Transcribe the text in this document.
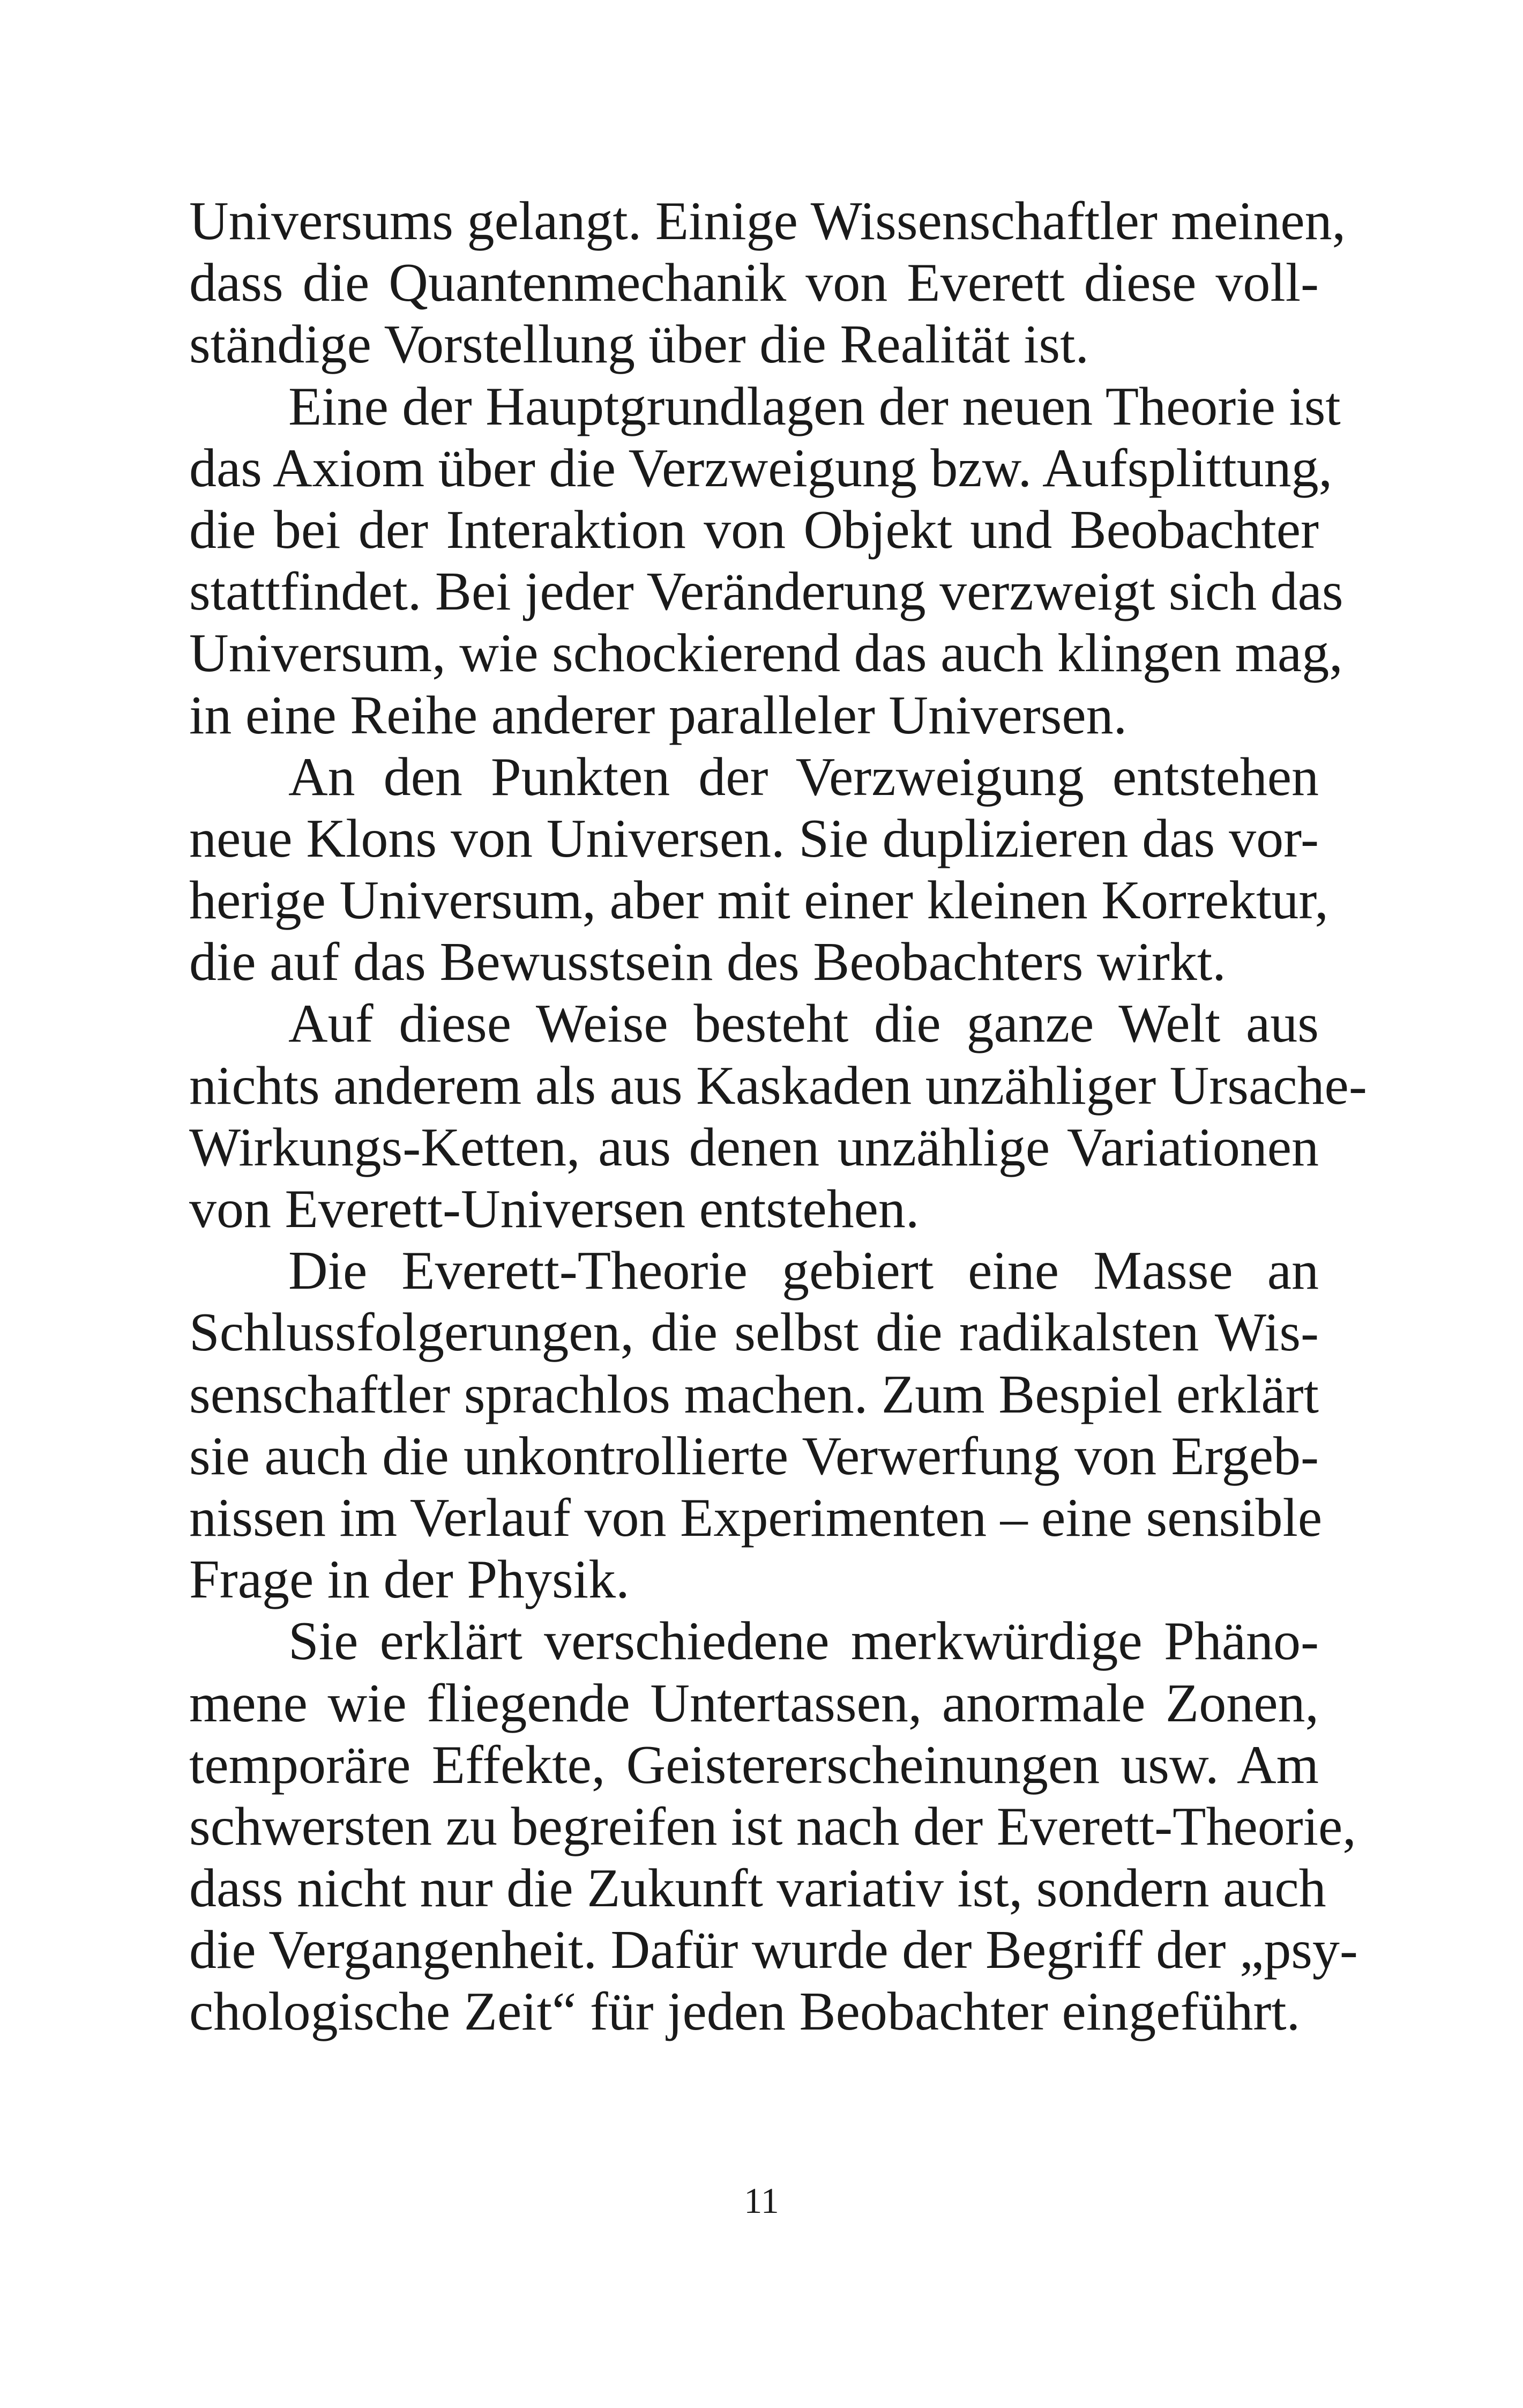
Universums gelangt. Einige Wissenschaftler meinen,
dass die Quantenmechanik von Everett diese voll-
ständige Vorstellung über die Realität ist.
Eine der Hauptgrundlagen der neuen Theorie ist
das Axiom über die Verzweigung bzw. Aufsplittung,
die bei der Interaktion von Objekt und Beobachter
stattfindet. Bei jeder Veränderung verzweigt sich das
Universum, wie schockierend das auch klingen mag,
in eine Reihe anderer paralleler Universen.
An den Punkten der Verzweigung entstehen
neue Klons von Universen. Sie duplizieren das vor-
herige Universum, aber mit einer kleinen Korrektur,
die auf das Bewusstsein des Beobachters wirkt.
Auf diese Weise besteht die ganze Welt aus
nichts anderem als aus Kaskaden unzähliger Ursache-
Wirkungs-Ketten, aus denen unzählige Variationen
von Everett-Universen entstehen.
Die Everett-Theorie gebiert eine Masse an
Schlussfolgerungen, die selbst die radikalsten Wis-
senschaftler sprachlos machen. Zum Bespiel erklärt
sie auch die unkontrollierte Verwerfung von Ergeb-
nissen im Verlauf von Experimenten – eine sensible
Frage in der Physik.
Sie erklärt verschiedene merkwürdige Phäno-
mene wie fliegende Untertassen, anormale Zonen,
temporäre Effekte, Geistererscheinungen usw. Am
schwersten zu begreifen ist nach der Everett-Theorie,
dass nicht nur die Zukunft variativ ist, sondern auch
die Vergangenheit. Dafür wurde der Begriff der „psy-
chologische Zeit“ für jeden Beobachter eingeführt.
11
